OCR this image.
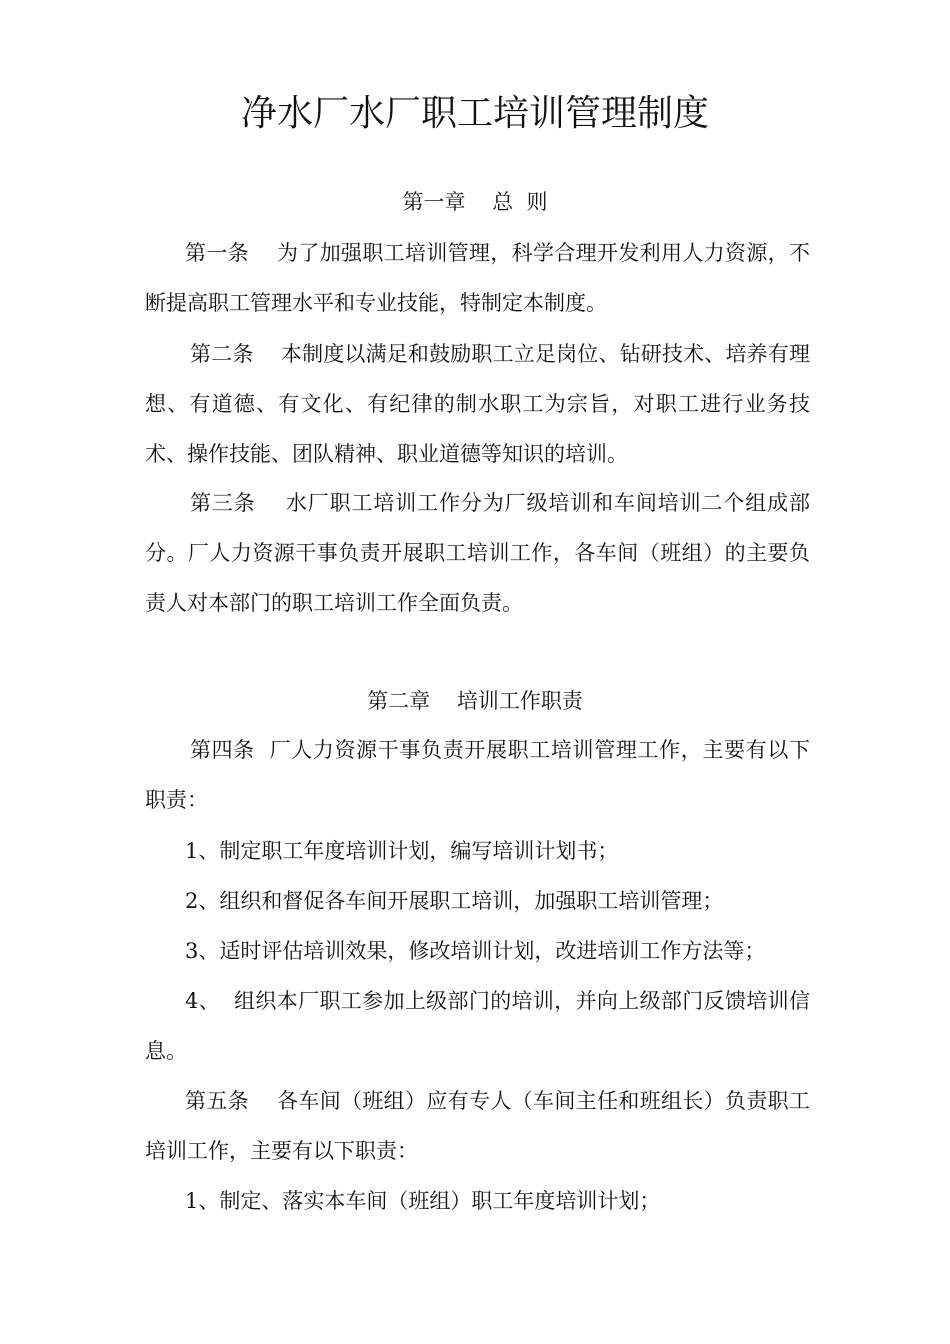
净水厂水厂职工培训管理制度
第一章    总  则

第一条    为了加强职工培训管理，科学合理开发利用人力资源，不断提高职工管理水平和专业技能，特制定本制度。

第二条    本制度以满足和鼓励职工立足岗位、钻研技术、培养有理想、有道德、有文化、有纪律的制水职工为宗旨，对职工进行业务技术、操作技能、团队精神、职业道德等知识的培训。

第三条    水厂职工培训工作分为厂级培训和车间培训二个组成部分。厂人力资源干事负责开展职工培训工作，各车间（班组）的主要负责人对本部门的职工培训工作全面负责。

第二章    培训工作职责

第四条  厂人力资源干事负责开展职工培训管理工作，主要有以下职责：

1、制定职工年度培训计划，编写培训计划书；

2、组织和督促各车间开展职工培训，加强职工培训管理；

3、适时评估培训效果，修改培训计划，改进培训工作方法等；

4、  组织本厂职工参加上级部门的培训，并向上级部门反馈培训信息。

第五条    各车间（班组）应有专人（车间主任和班组长）负责职工培训工作，主要有以下职责：

1、制定、落实本车间（班组）职工年度培训计划；
